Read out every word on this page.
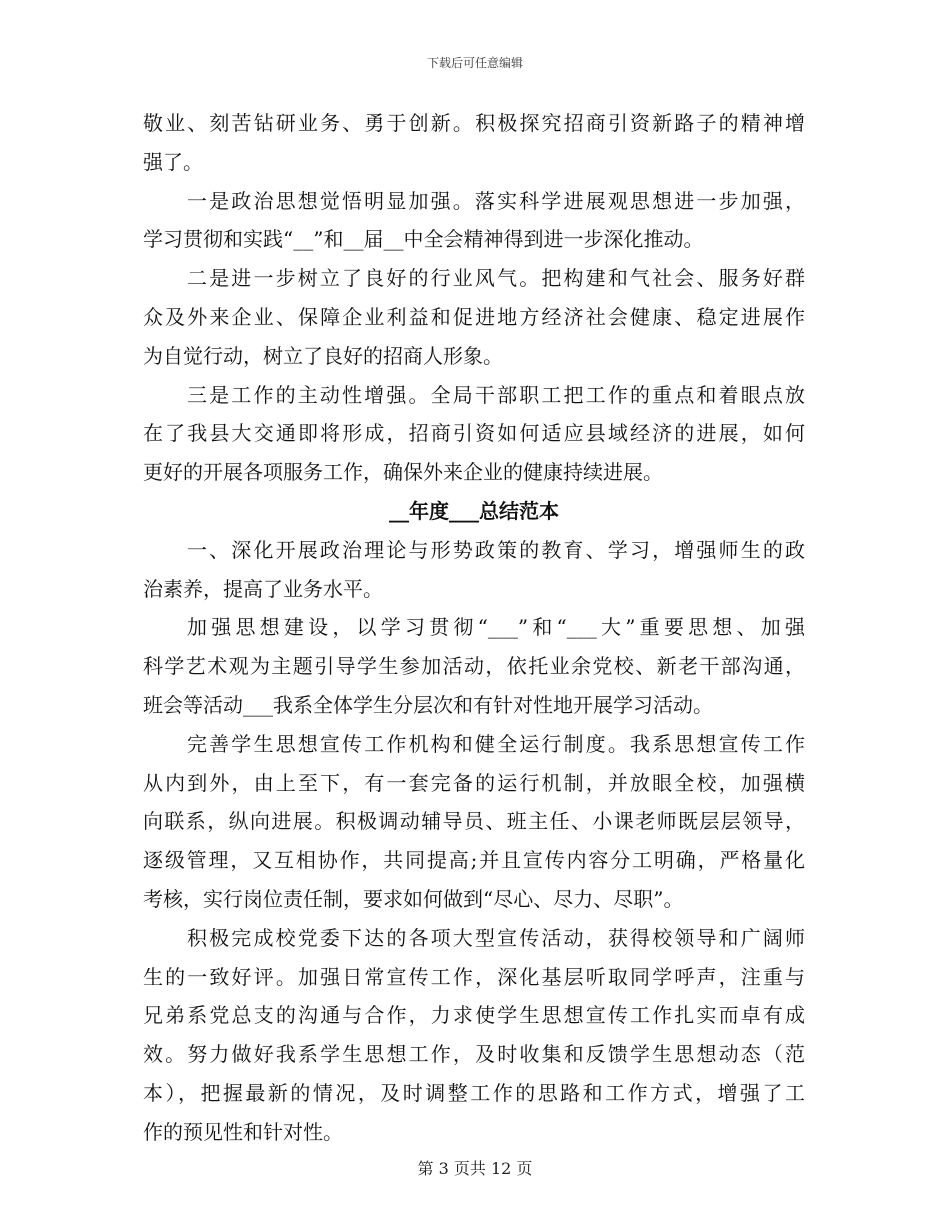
下载后可任意编辑
敬业、刻苦钻研业务、勇于创新。积极探究招商引资新路子的精神增
强了。
一是政治思想觉悟明显加强。落实科学进展观思想进一步加强，
学习贯彻和实践“__”和__届__中全会精神得到进一步深化推动。
二是进一步树立了良好的行业风气。把构建和气社会、服务好群
众及外来企业、保障企业利益和促进地方经济社会健康、稳定进展作
为自觉行动，树立了良好的招商人形象。
三是工作的主动性增强。全局干部职工把工作的重点和着眼点放
在了我县大交通即将形成，招商引资如何适应县域经济的进展，如何
更好的开展各项服务工作，确保外来企业的健康持续进展。
__年度___总结范本
一、深化开展政治理论与形势政策的教育、学习，增强师生的政
治素养，提高了业务水平。
加强思想建设，以学习贯彻“___”和“___大”重要思想、加强
科学艺术观为主题引导学生参加活动，依托业余党校、新老干部沟通，
班会等活动___我系全体学生分层次和有针对性地开展学习活动。
完善学生思想宣传工作机构和健全运行制度。我系思想宣传工作
从内到外，由上至下，有一套完备的运行机制，并放眼全校，加强横
向联系，纵向进展。积极调动辅导员、班主任、小课老师既层层领导，
逐级管理，又互相协作，共同提高;并且宣传内容分工明确，严格量化
考核，实行岗位责任制，要求如何做到“尽心、尽力、尽职”。
积极完成校党委下达的各项大型宣传活动，获得校领导和广阔师
生的一致好评。加强日常宣传工作，深化基层听取同学呼声，注重与
兄弟系党总支的沟通与合作，力求使学生思想宣传工作扎实而卓有成
效。努力做好我系学生思想工作，及时收集和反馈学生思想动态（范
本），把握最新的情况，及时调整工作的思路和工作方式，增强了工
作的预见性和针对性。
第 3 页共 12 页
